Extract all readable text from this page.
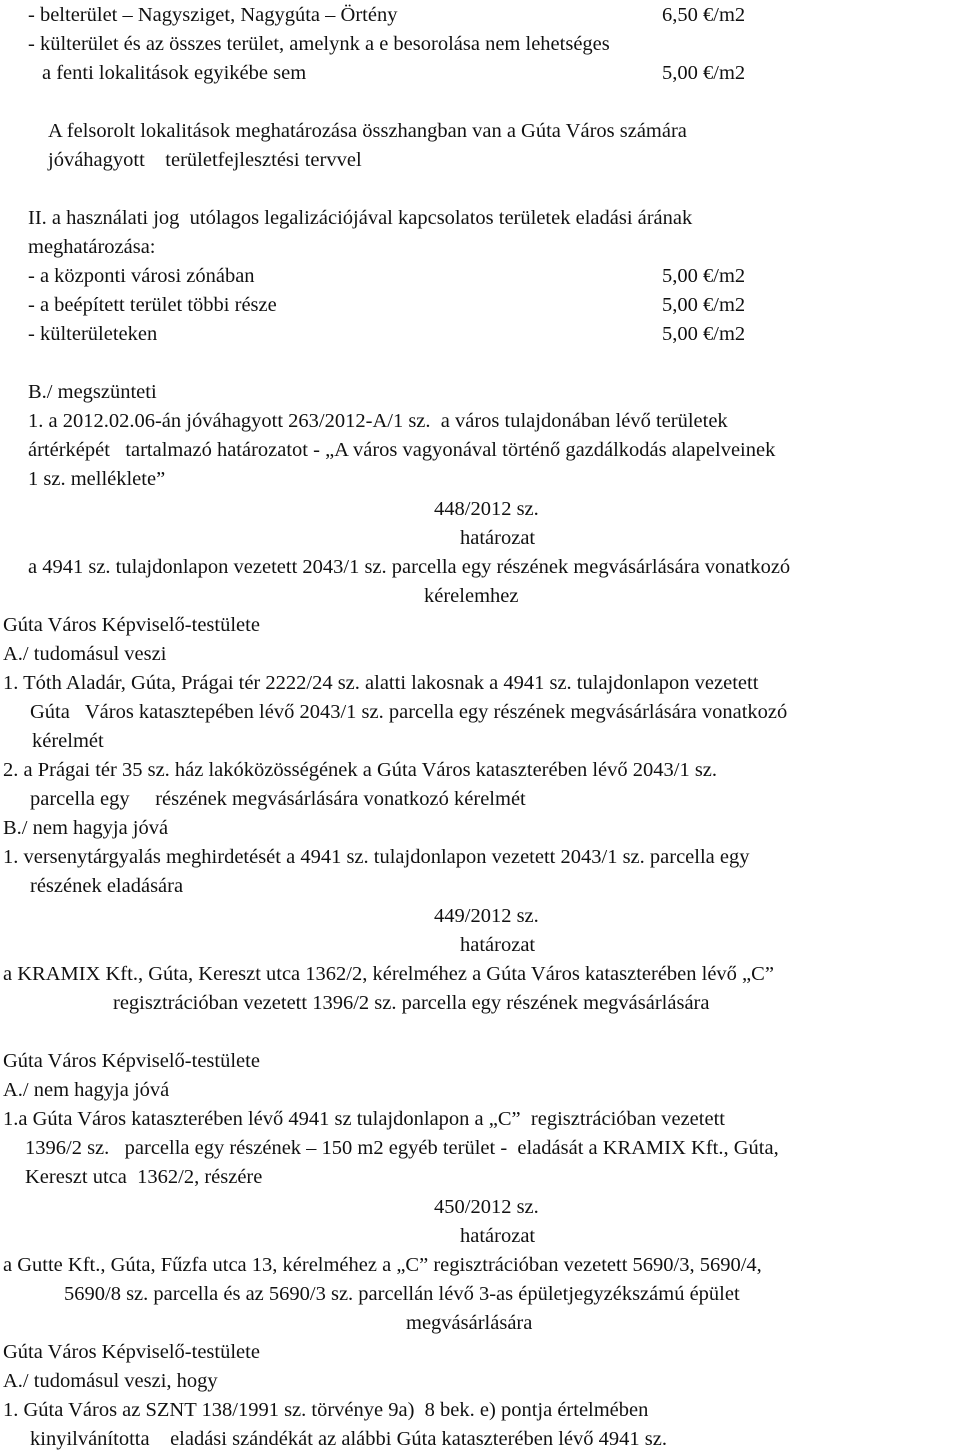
- belterület – Nagysziget, Nagygúta – Örtény	6,50 €/m2
- külterület és az összes terület, amelynk a e besorolása nem lehetséges
a fenti lokalitások egyikébe sem	5,00 €/m2
A felsorolt lokalitások meghatározása összhangban van a Gúta Város számára
jóváhagyott    területfejlesztési tervvel
II. a használati jog  utólagos legalizációjával kapcsolatos területek eladási árának
meghatározása:
- a központi városi zónában	5,00 €/m2
- a beépített terület többi része	5,00 €/m2
- külterületeken	5,00 €/m2
B./ megszünteti
1. a 2012.02.06-án jóváhagyott 263/2012-A/1 sz.  a város tulajdonában lévő területek
ártérképét   tartalmazó határozatot - „A város vagyonával történő gazdálkodás alapelveinek
1 sz. melléklete”
448/2012 sz.
határozat
a 4941 sz. tulajdonlapon vezetett 2043/1 sz. parcella egy részének megvásárlására vonatkozó
kérelemhez
Gúta Város Képviselő-testülete
A./ tudomásul veszi
1. Tóth Aladár, Gúta, Prágai tér 2222/24 sz. alatti lakosnak a 4941 sz. tulajdonlapon vezetett
Gúta   Város katasztерében lévő 2043/1 sz. parcella egy részének megvásárlására vonatkozó
kérelmét
2. a Prágai tér 35 sz. ház lakóközösségének a Gúta Város kataszterében lévő 2043/1 sz.
parcella egy     részének megvásárlására vonatkozó kérelmét
B./ nem hagyja jóvá
1. versenytárgyalás meghirdetését a 4941 sz. tulajdonlapon vezetett 2043/1 sz. parcella egy
részének eladására
449/2012 sz.
határozat
a KRAMIX Kft., Gúta, Kereszt utca 1362/2, kérelméhez a Gúta Város kataszterében lévő „C”
regisztrációban vezetett 1396/2 sz. parcella egy részének megvásárlására
Gúta Város Képviselő-testülete
A./ nem hagyja jóvá
1.a Gúta Város kataszterében lévő 4941 sz tulajdonlapon a „C”  regisztrációban vezetett
1396/2 sz.   parcella egy részének – 150 m2 egyéb terület -  eladását a KRAMIX Kft., Gúta,
Kereszt utca  1362/2, részére
450/2012 sz.
határozat
a Gutte Kft., Gúta, Fűzfa utca 13, kérelméhez a „C” regisztrációban vezetett 5690/3, 5690/4,
5690/8 sz. parcella és az 5690/3 sz. parcellán lévő 3-as épületjegyzékszámú épület
megvásárlására
Gúta Város Képviselő-testülete
A./ tudomásul veszi, hogy
1. Gúta Város az SZNT 138/1991 sz. törvénye 9a)  8 bek. e) pontja értelmében
kinyilvánította    eladási szándékát az alábbi Gúta kataszterében lévő 4941 sz.
